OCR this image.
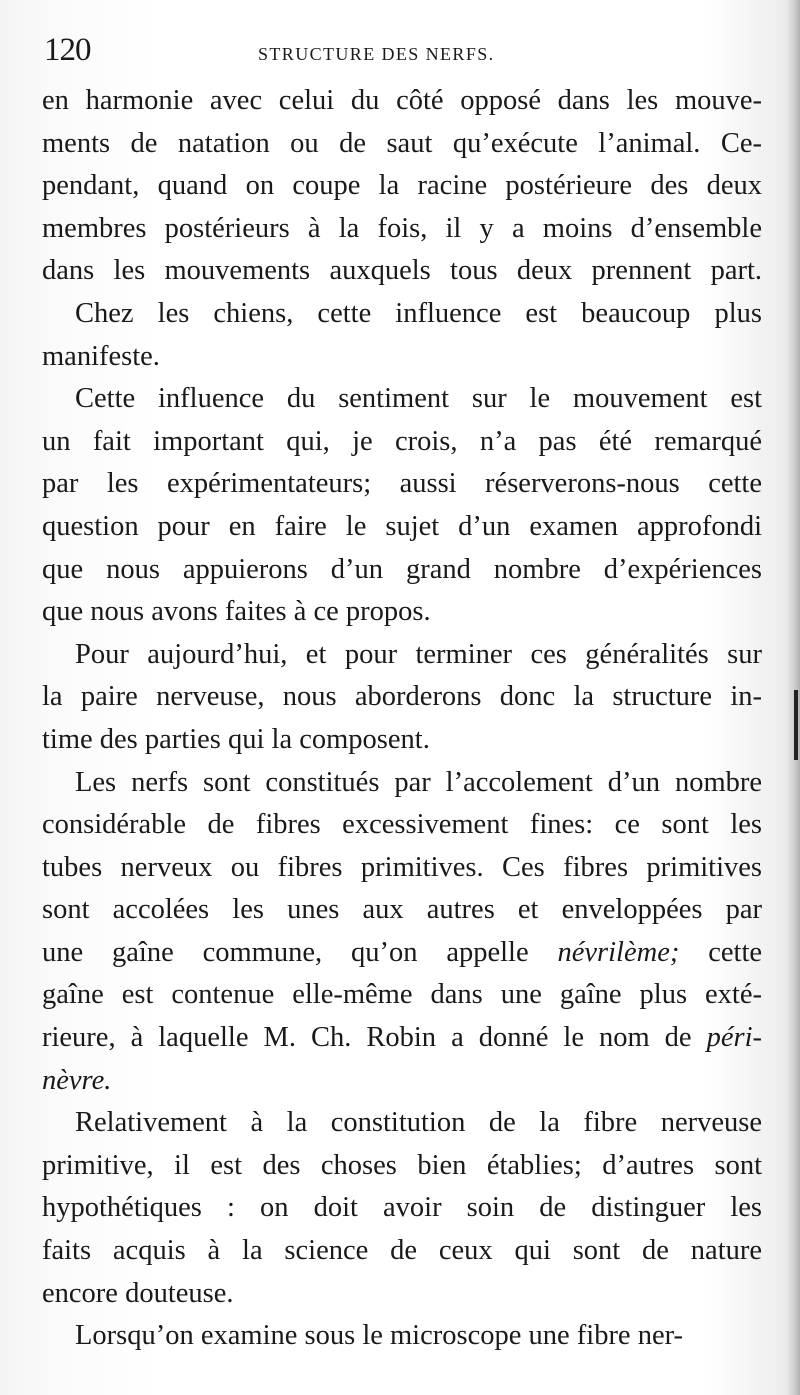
120	STRUCTURE DES NERFS.
en harmonie avec celui du côté opposé dans les mouve-
ments de natation ou de saut qu’exécute l’animal. Ce-
pendant, quand on coupe la racine postérieure des deux
membres postérieurs à la fois, il y a moins d’ensemble
dans les mouvements auxquels tous deux prennent part.
Chez les chiens, cette influence est beaucoup plus
manifeste.
Cette influence du sentiment sur le mouvement est
un fait important qui, je crois, n’a pas été remarqué
par les expérimentateurs; aussi réserverons-nous cette
question pour en faire le sujet d’un examen approfondi
que nous appuierons d’un grand nombre d’expériences
que nous avons faites à ce propos.
Pour aujourd’hui, et pour terminer ces généralités sur
la paire nerveuse, nous aborderons donc la structure in-
time des parties qui la composent.
Les nerfs sont constitués par l’accolement d’un nombre
considérable de fibres excessivement fines: ce sont les
tubes nerveux ou fibres primitives. Ces fibres primitives
sont accolées les unes aux autres et enveloppées par
une gaîne commune, qu’on appelle névrilème; cette
gaîne est contenue elle-même dans une gaîne plus exté-
rieure, à laquelle M. Ch. Robin a donné le nom de péri-
nèvre.
Relativement à la constitution de la fibre nerveuse
primitive, il est des choses bien établies; d’autres sont
hypothétiques : on doit avoir soin de distinguer les
faits acquis à la science de ceux qui sont de nature
encore douteuse.
Lorsqu’on examine sous le microscope une fibre ner-
